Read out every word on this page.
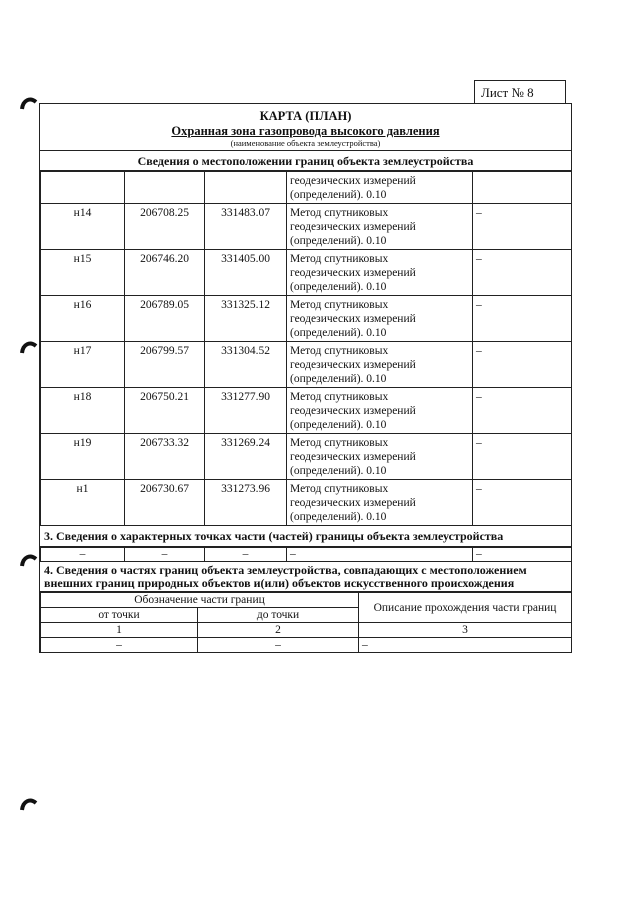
Лист № 8
КАРТА (ПЛАН)
Охранная зона газопровода высокого давления
(наименование объекта землеустройства)
Сведения о местоположении границ объекта землеустройства

			геодезических измерений
(определений). 0.10	

н14	206708.25	331483.07	Метод спутниковых
геодезических измерений
(определений). 0.10	–
н15	206746.20	331405.00	Метод спутниковых
геодезических измерений
(определений). 0.10	–
н16	206789.05	331325.12	Метод спутниковых
геодезических измерений
(определений). 0.10	–
н17	206799.57	331304.52	Метод спутниковых
геодезических измерений
(определений). 0.10	–
н18	206750.21	331277.90	Метод спутниковых
геодезических измерений
(определений). 0.10	–
н19	206733.32	331269.24	Метод спутниковых
геодезических измерений
(определений). 0.10	–
н1	206730.67	331273.96	Метод спутниковых
геодезических измерений
(определений). 0.10	–
3. Сведения о характерных точках части (частей) границы объекта землеустройства
–	–	–	–	–
4. Сведения о частях границ объекта землеустройства, совпадающих с местоположением
внешних границ природных объектов и(или) объектов искусственного происхождения
Обозначение части границ		Описание прохождения части границ
от точки	до точки	
1	2	3
–	–	–
